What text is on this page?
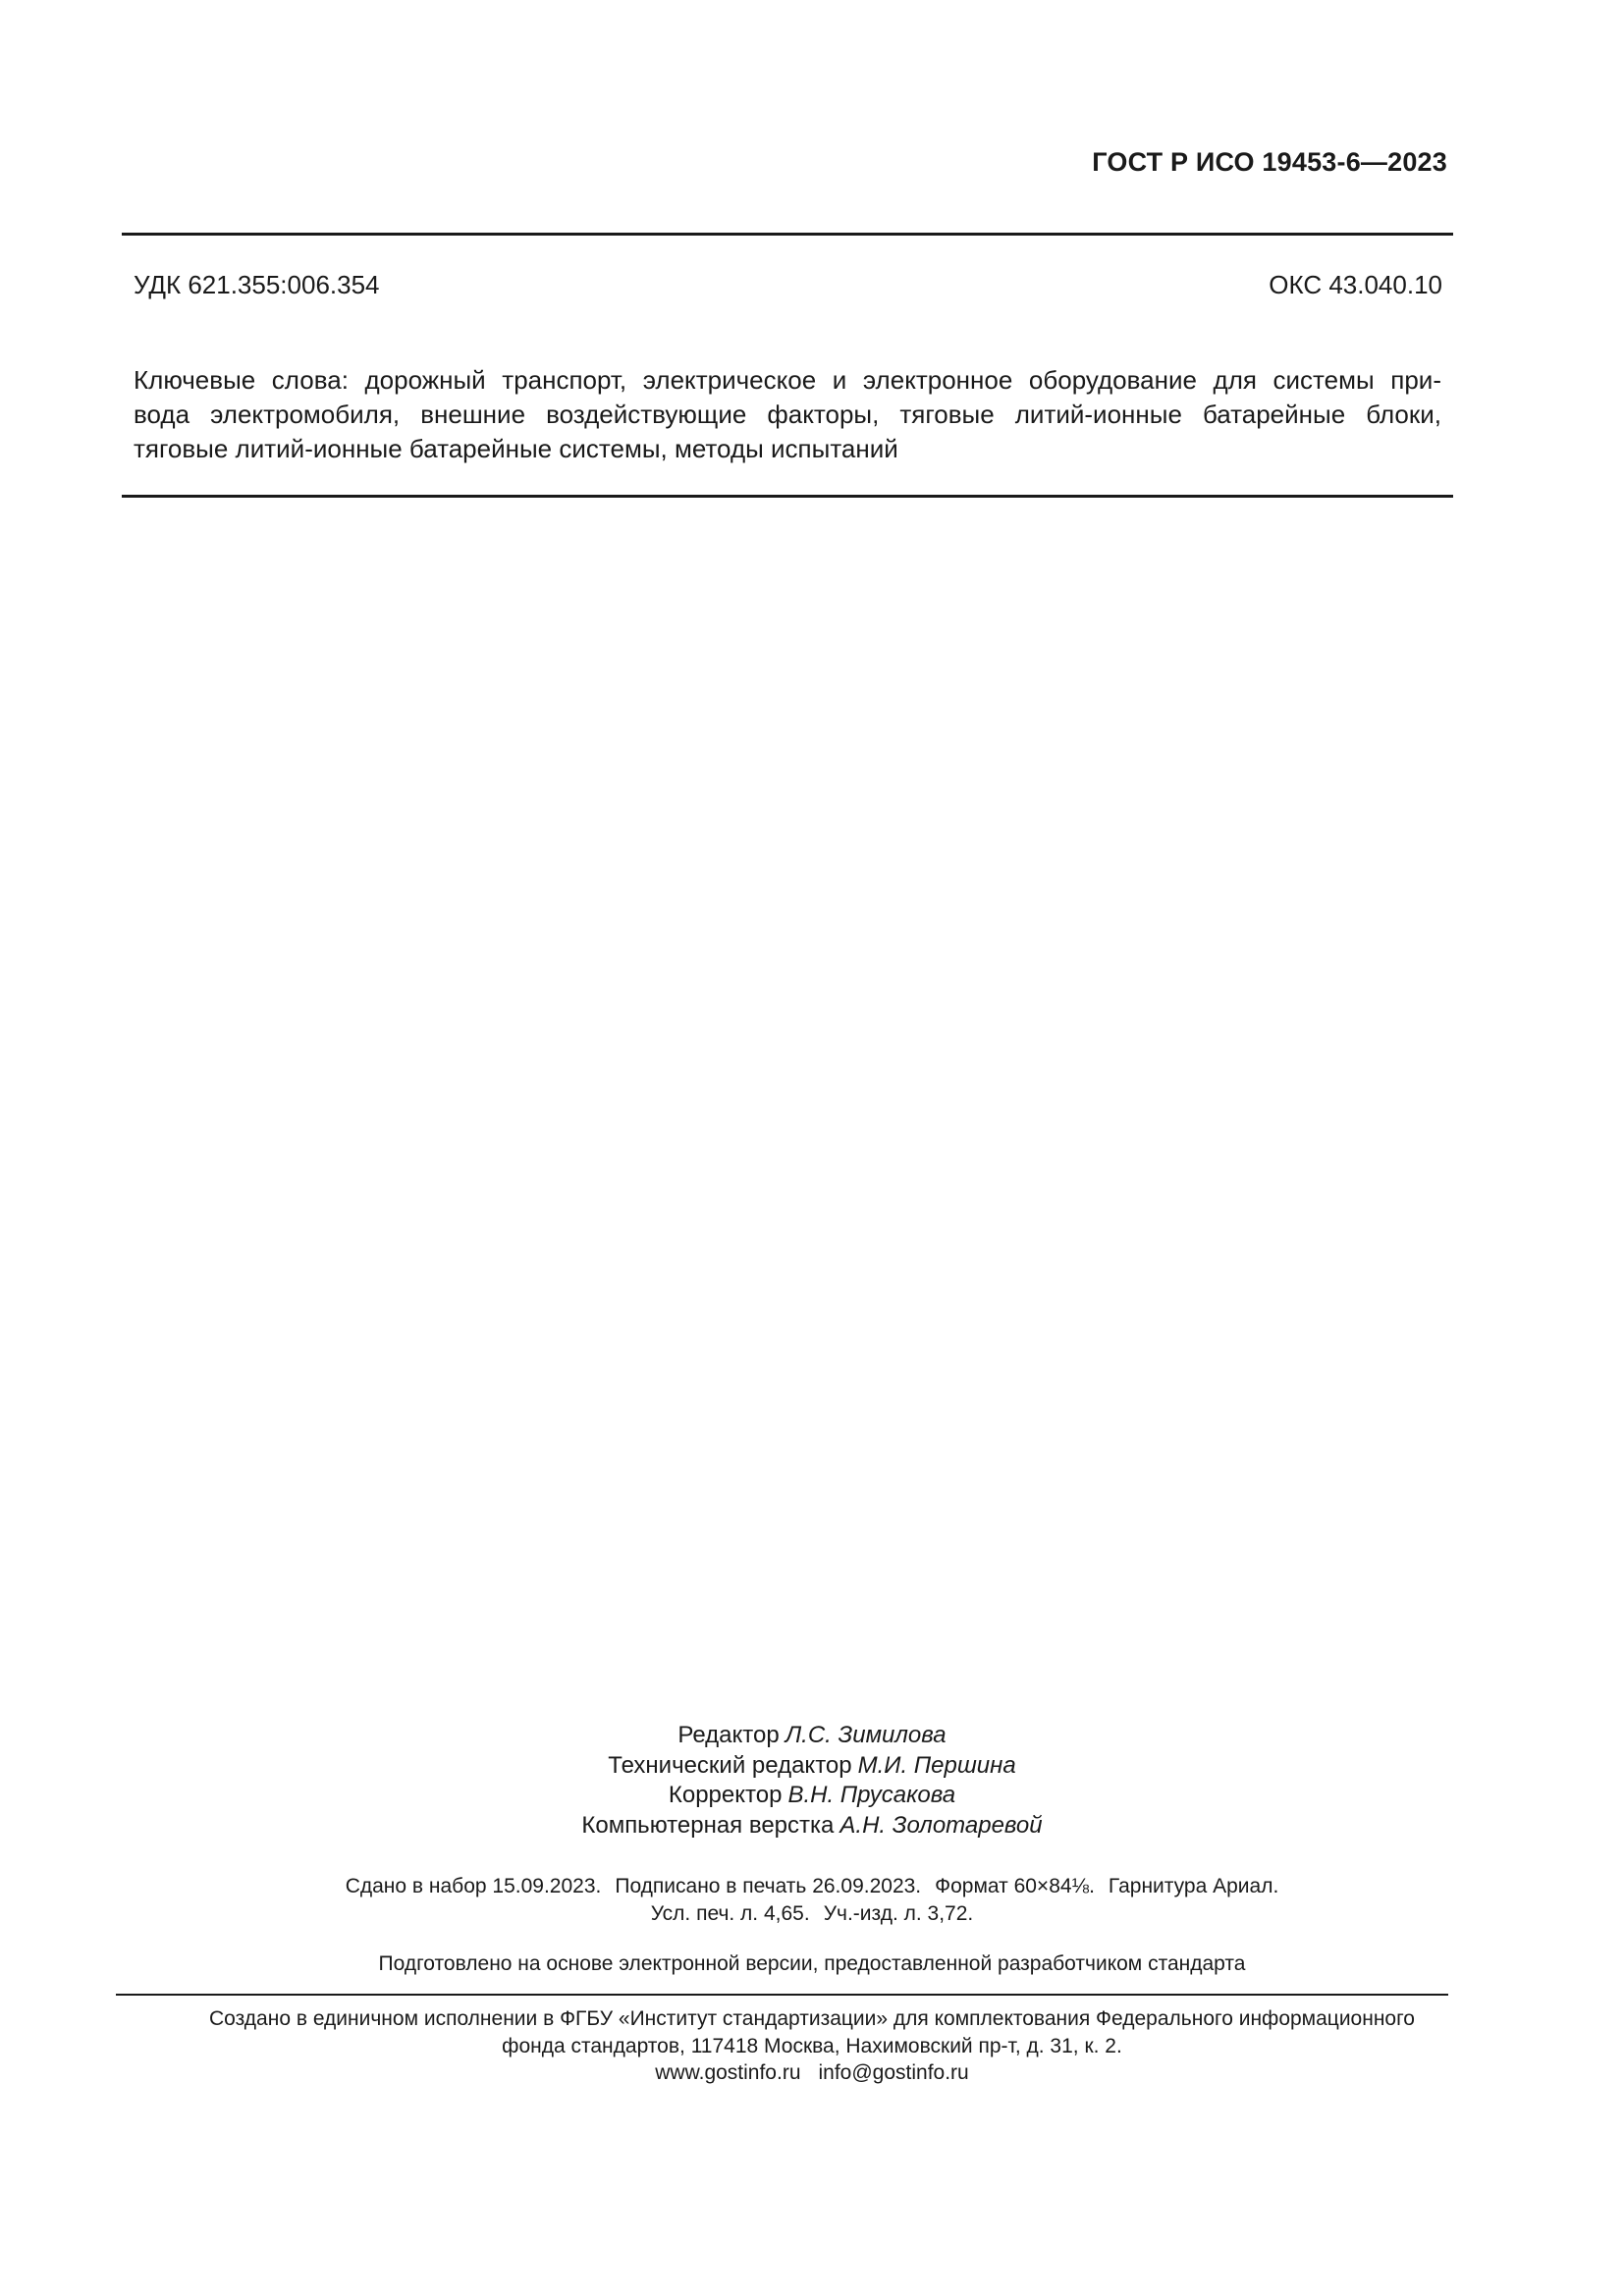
ГОСТ Р ИСО 19453-6—2023
УДК 621.355:006.354	ОКС 43.040.10
Ключевые слова: дорожный транспорт, электрическое и электронное оборудование для системы при-
вода электромобиля, внешние воздействующие факторы, тяговые литий-ионные батарейные блоки,
тяговые литий-ионные батарейные системы, методы испытаний
Редактор Л.С. Зимилова
Технический редактор М.И. Першина
Корректор В.Н. Прусакова
Компьютерная верстка А.Н. Золотаревой
Сдано в набор 15.09.2023. Подписано в печать 26.09.2023. Формат 60×84⅛. Гарнитура Ариал.
Усл. печ. л. 4,65. Уч.-изд. л. 3,72.
Подготовлено на основе электронной версии, предоставленной разработчиком стандарта
Создано в единичном исполнении в ФГБУ «Институт стандартизации» для комплектования Федерального информационного
фонда стандартов, 117418 Москва, Нахимовский пр-т, д. 31, к. 2.
www.gostinfo.ru info@gostinfo.ru
